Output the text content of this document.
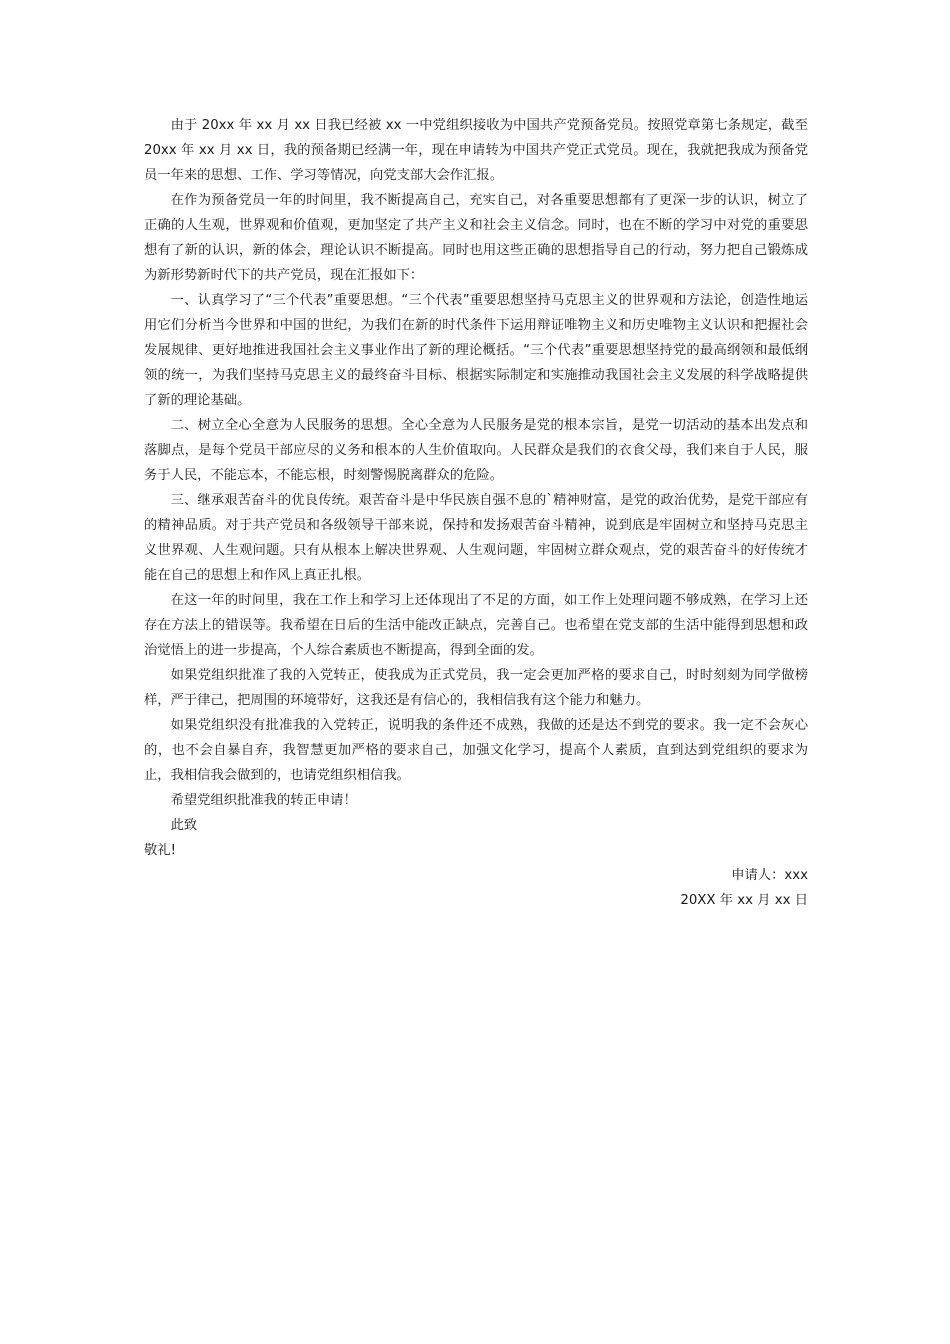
由于 20xx 年 xx 月 xx 日我已经被 xx 一中党组织接收为中国共产党预备党员。按照党章第七条规定，截至 20xx 年 xx 月 xx 日，我的预备期已经满一年，现在申请转为中国共产党正式党员。现在，我就把我成为预备党员一年来的思想、工作、学习等情况，向党支部大会作汇报。

在作为预备党员一年的时间里，我不断提高自己，充实自己，对各重要思想都有了更深一步的认识，树立了正确的人生观，世界观和价值观，更加坚定了共产主义和社会主义信念。同时，也在不断的学习中对党的重要思想有了新的认识，新的体会，理论认识不断提高。同时也用这些正确的思想指导自己的行动，努力把自己锻炼成为新形势新时代下的共产党员，现在汇报如下：

一、认真学习了“三个代表”重要思想。“三个代表”重要思想坚持马克思主义的世界观和方法论，创造性地运用它们分析当今世界和中国的世纪，为我们在新的时代条件下运用辩证唯物主义和历史唯物主义认识和把握社会发展规律、更好地推进我国社会主义事业作出了新的理论概括。“三个代表”重要思想坚持党的最高纲领和最低纲领的统一，为我们坚持马克思主义的最终奋斗目标、根据实际制定和实施推动我国社会主义发展的科学战略提供了新的理论基础。

二、树立全心全意为人民服务的思想。全心全意为人民服务是党的根本宗旨，是党一切活动的基本出发点和落脚点，是每个党员干部应尽的义务和根本的人生价值取向。人民群众是我们的衣食父母，我们来自于人民，服务于人民，不能忘本，不能忘根，时刻警惕脱离群众的危险。

三、继承艰苦奋斗的优良传统。艰苦奋斗是中华民族自强不息的`精神财富，是党的政治优势，是党干部应有的精神品质。对于共产党员和各级领导干部来说，保持和发扬艰苦奋斗精神，说到底是牢固树立和坚持马克思主义世界观、人生观问题。只有从根本上解决世界观、人生观问题，牢固树立群众观点，党的艰苦奋斗的好传统才能在自己的思想上和作风上真正扎根。

在这一年的时间里，我在工作上和学习上还体现出了不足的方面，如工作上处理问题不够成熟，在学习上还存在方法上的错误等。我希望在日后的生活中能改正缺点，完善自己。也希望在党支部的生活中能得到思想和政治觉悟上的进一步提高，个人综合素质也不断提高，得到全面的发。

如果党组织批准了我的入党转正，使我成为正式党员，我一定会更加严格的要求自己，时时刻刻为同学做榜样，严于律己，把周围的环境带好，这我还是有信心的，我相信我有这个能力和魅力。

如果党组织没有批准我的入党转正，说明我的条件还不成熟，我做的还是达不到党的要求。我一定不会灰心的，也不会自暴自弃，我智慧更加严格的要求自己，加强文化学习，提高个人素质，直到达到党组织的要求为止，我相信我会做到的，也请党组织相信我。

希望党组织批准我的转正申请！

此致

敬礼!

申请人：xxx

20XX 年 xx 月 xx 日
